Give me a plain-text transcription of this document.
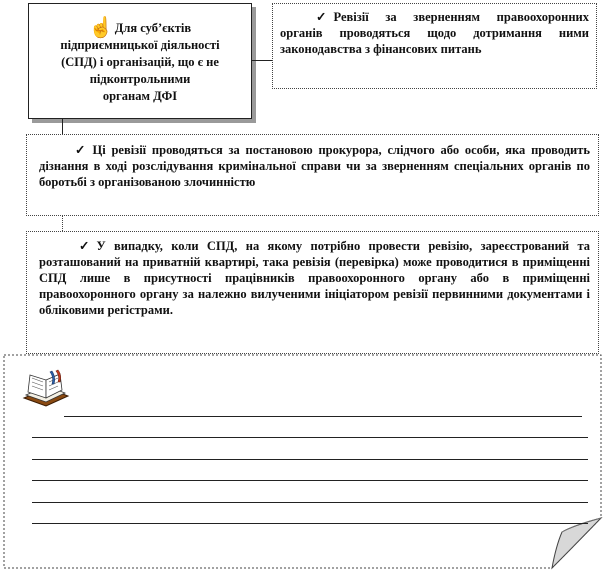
☝Для суб’єктів
підприємницької діяльності
(СПД) і організацій, що є не
підконтрольними
органам ДФІ
✓ Ревізії за зверненням правоохоронних органів проводяться щодо дотримання ними законодавства з фінансових питань
✓ Ці ревізії проводяться за постановою прокурора, слідчого або особи, яка проводить дізнання в ході розслідування кримінальної справи чи за зверненням спеціальних органів по боротьбі з організованою злочинністю
✓ У випадку, коли СПД, на якому потрібно провести ревізію, зареєстрований та розташований на приватній квартирі, така ревізія (перевірка) може проводитися в приміщенні СПД лише в присутності працівників правоохоронного органу або в приміщенні правоохоронного органу за належно вилученими ініціатором ревізії первинними документами і обліковими регістрами.
